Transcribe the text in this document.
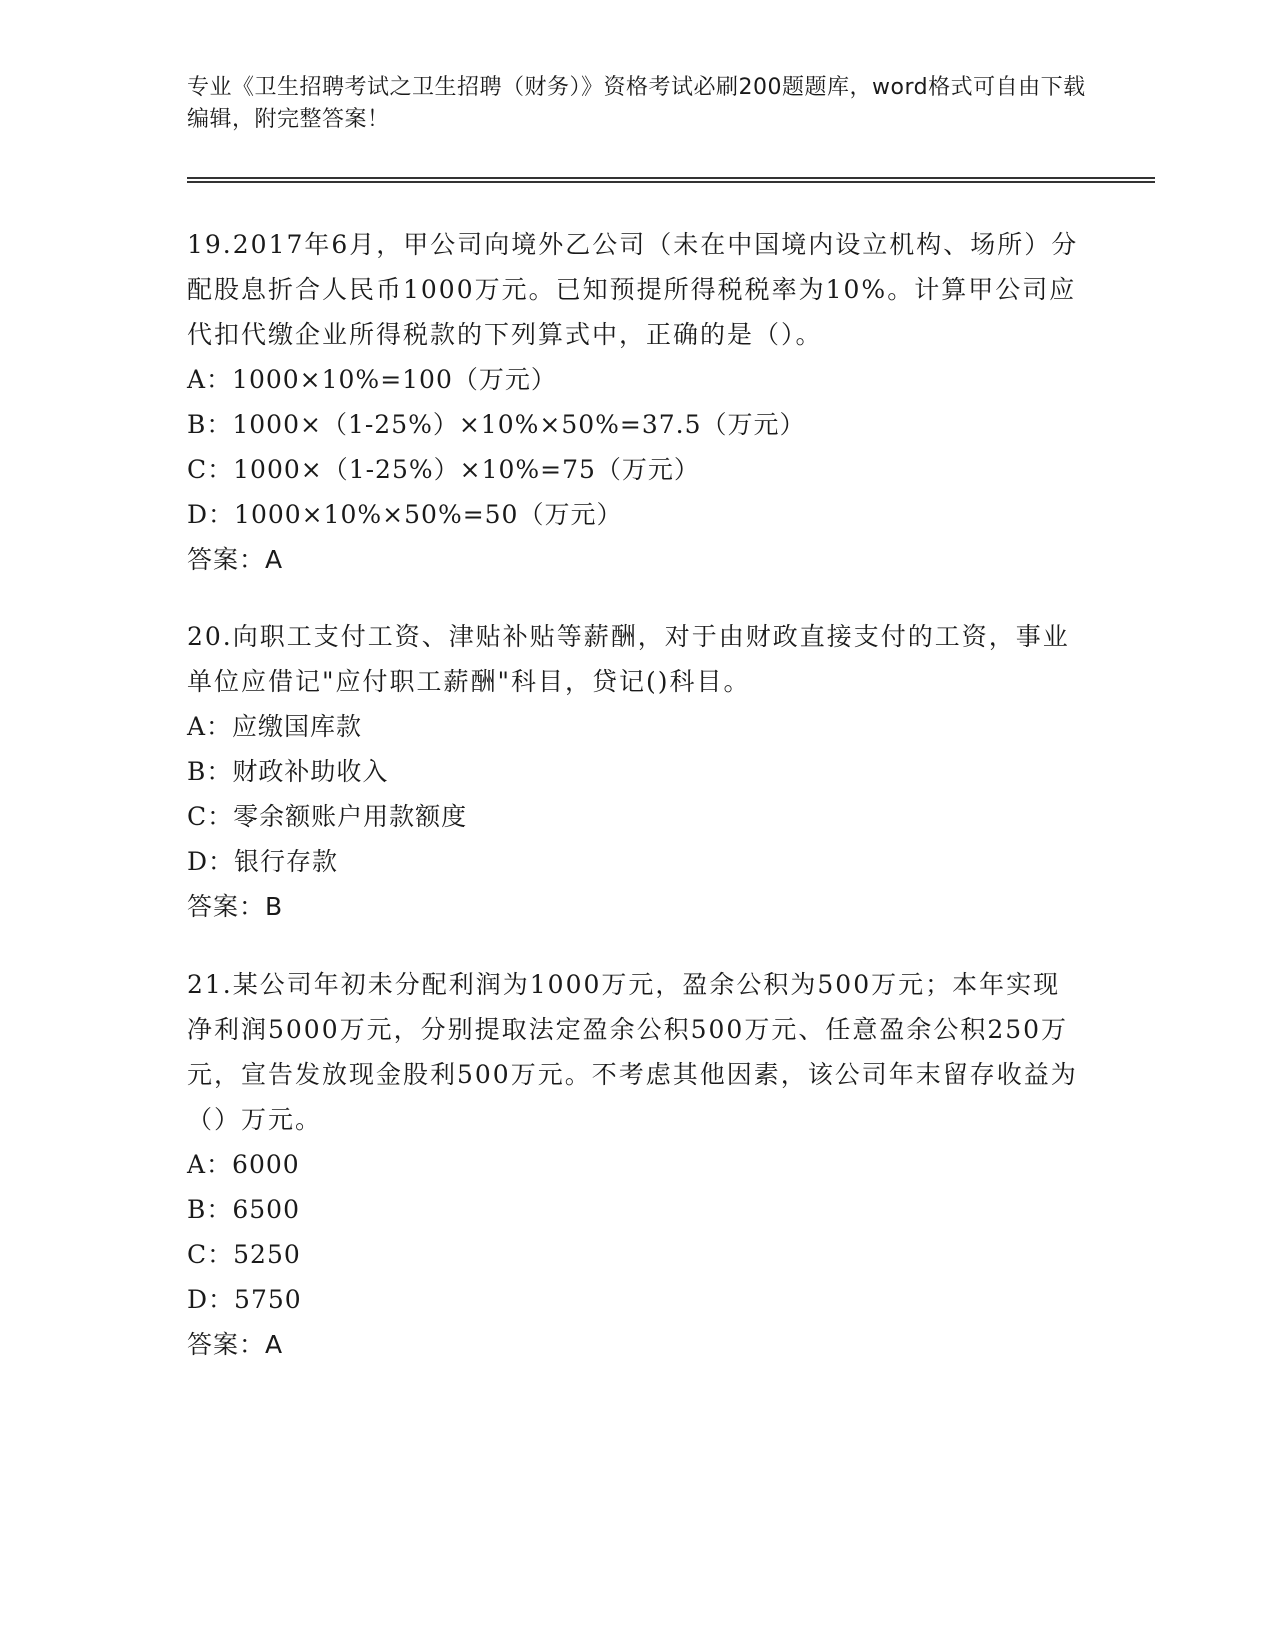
专业《卫生招聘考试之卫生招聘（财务）》资格考试必刷200题题库，word格式可自由下载编辑，附完整答案！

19.2017年6月，甲公司向境外乙公司（未在中国境内设立机构、场所）分配股息折合人民币1000万元。已知预提所得税税率为10%。计算甲公司应代扣代缴企业所得税款的下列算式中，正确的是（）。

A：1000×10%=100（万元）

B：1000×（1-25%）×10%×50%=37.5（万元）

C：1000×（1-25%）×10%=75（万元）

D：1000×10%×50%=50（万元）

答案：A

20.向职工支付工资、津贴补贴等薪酬，对于由财政直接支付的工资，事业单位应借记"应付职工薪酬"科目，贷记()科目。

A：应缴国库款

B：财政补助收入

C：零余额账户用款额度

D：银行存款

答案：B

21.某公司年初未分配利润为1000万元，盈余公积为500万元；本年实现净利润5000万元，分别提取法定盈余公积500万元、任意盈余公积250万元，宣告发放现金股利500万元。不考虑其他因素，该公司年末留存收益为（）万元。

A：6000

B：6500

C：5250

D：5750

答案：A
